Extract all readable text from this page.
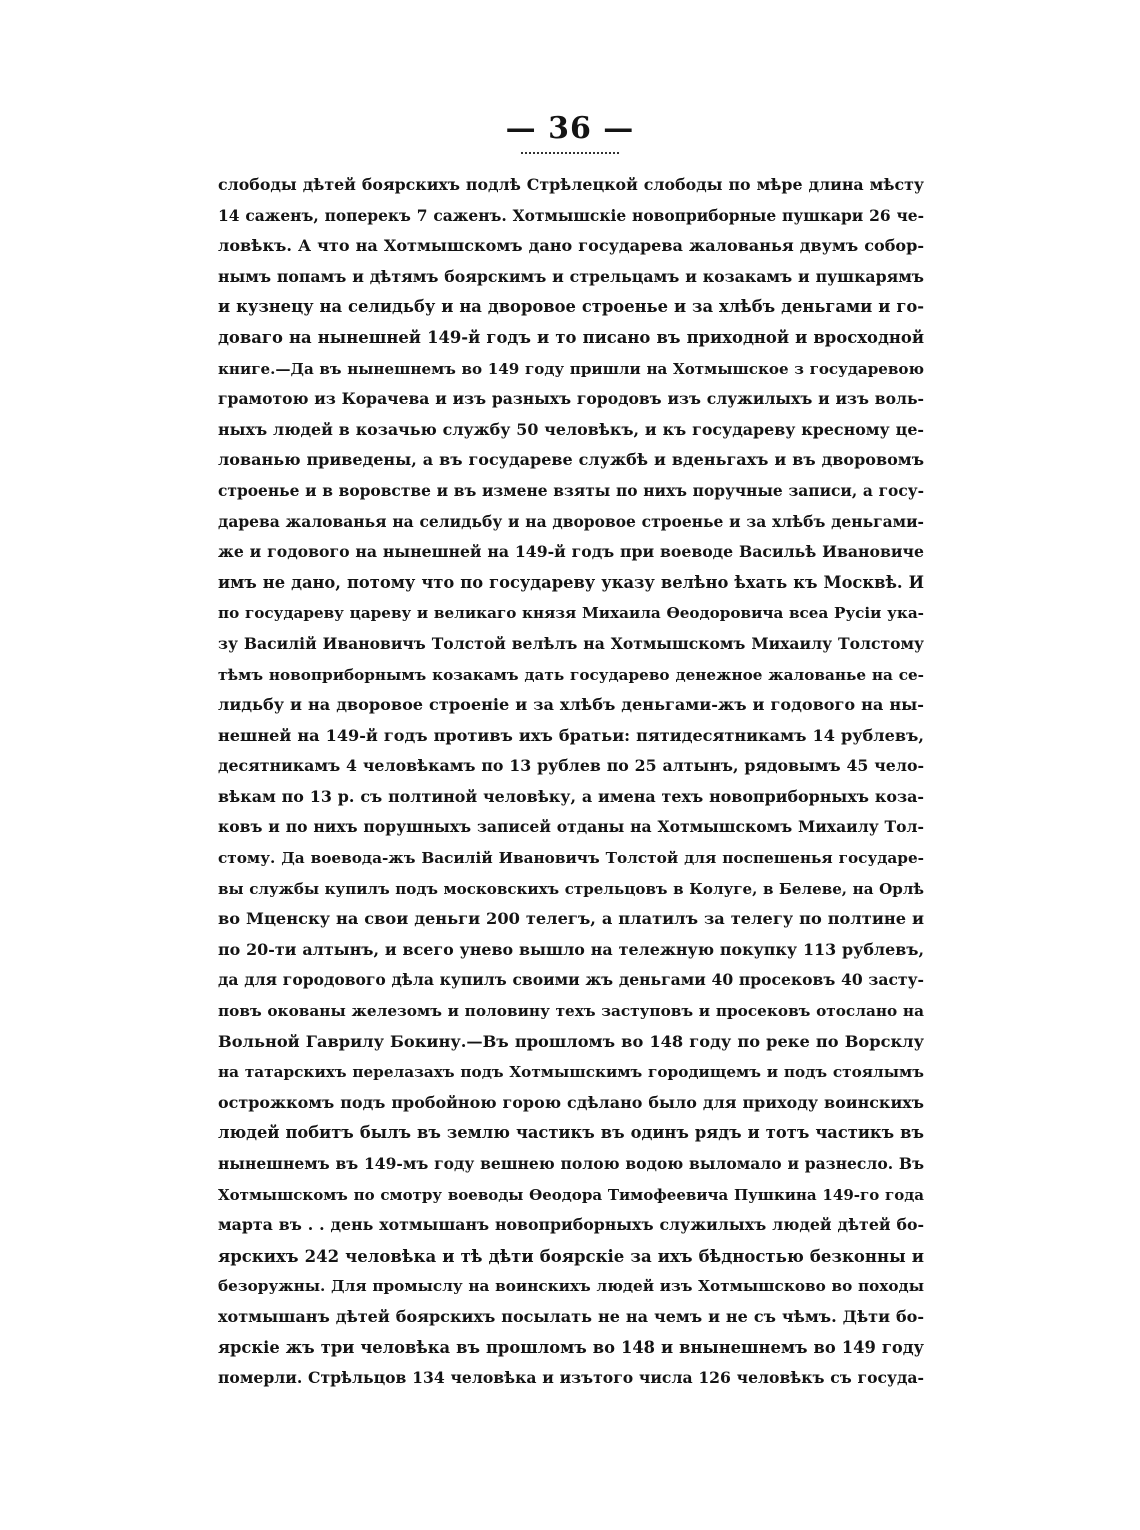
— 36 —
слободы дѣтей боярскихъ подлѣ Стрѣлецкой слободы по мѣре длина мѣсту
14 саженъ, поперекъ 7 саженъ. Хотмышскіе новоприборные пушкари 26 че-
ловѣкъ. А что на Хотмышскомъ дано государева жалованья двумъ собор-
нымъ попамъ и дѣтямъ боярскимъ и стрельцамъ и козакамъ и пушкарямъ
и кузнецу на селидьбу и на дворовое строенье и за хлѣбъ деньгами и го-
доваго на нынешней 149-й годъ и то писано въ приходной и вросходной
книге.—Да въ нынешнемъ во 149 году пришли на Хотмышское з государевою
грамотою из Корачева и изъ разныхъ городовъ изъ служилыхъ и изъ воль-
ныхъ людей в козачью службу 50 человѣкъ, и къ государеву кресному це-
лованью приведены, а въ государеве службѣ и вденьгахъ и въ дворовомъ
строенье и в воровстве и въ измене взяты по нихъ поручные записи, а госу-
дарева жалованья на селидьбу и на дворовое строенье и за хлѣбъ деньгами-
же и годового на нынешней на 149-й годъ при воеводе Васильѣ Ивановиче
имъ не дано, потому что по государеву указу велѣно ѣхать къ Москвѣ. И
по государеву цареву и великаго князя Михаила Ѳеодоровича всеа Русіи ука-
зу Василій Ивановичъ Толстой велѣлъ на Хотмышскомъ Михаилу Толстому
тѣмъ новоприборнымъ козакамъ дать государево денежное жалованье на се-
лидьбу и на дворовое строеніе и за хлѣбъ деньгами-жъ и годового на ны-
нешней на 149-й годъ противъ ихъ братьи: пятидесятникамъ 14 рублевъ,
десятникамъ 4 человѣкамъ по 13 рублев по 25 алтынъ, рядовымъ 45 чело-
вѣкам по 13 р. съ полтиной человѣку, а имена техъ новоприборныхъ коза-
ковъ и по нихъ порушныхъ записей отданы на Хотмышскомъ Михаилу Тол-
стому. Да воевода-жъ Василій Ивановичъ Толстой для поспешенья государе-
вы службы купилъ подъ московскихъ стрельцовъ в Колуге, в Белеве, на Орлѣ
во Мценску на свои деньги 200 телегъ, а платилъ за телегу по полтине и
по 20-ти алтынъ, и всего унево вышло на тележную покупку 113 рублевъ,
да для городового дѣла купилъ своими жъ деньгами 40 просековъ 40 засту-
повъ окованы железомъ и половину техъ заступовъ и просековъ отослано на
Вольной Гаврилу Бокину.—Въ прошломъ во 148 году по реке по Ворсклу
на татарскихъ перелазахъ подъ Хотмышскимъ городищемъ и подъ стоялымъ
острожкомъ подъ пробойною горою сдѣлано было для приходу воинскихъ
людей побитъ былъ въ землю частикъ въ одинъ рядъ и тотъ частикъ въ
нынешнемъ въ 149-мъ году вешнею полою водою выломало и разнесло. Въ
Хотмышскомъ по смотру воеводы Ѳеодора Тимофеевича Пушкина 149-го года
марта въ . . день хотмышанъ новоприборныхъ служилыхъ людей дѣтей бо-
ярскихъ 242 человѣка и тѣ дѣти боярскіе за ихъ бѣдностью безконны и
безоружны. Для промыслу на воинскихъ людей изъ Хотмышсково во походы
хотмышанъ дѣтей боярскихъ посылать не на чемъ и не съ чѣмъ. Дѣти бо-
ярскіе жъ три человѣка въ прошломъ во 148 и внынешнемъ во 149 году
померли. Стрѣльцов 134 человѣка и изътого числа 126 человѣкъ съ госуда-
